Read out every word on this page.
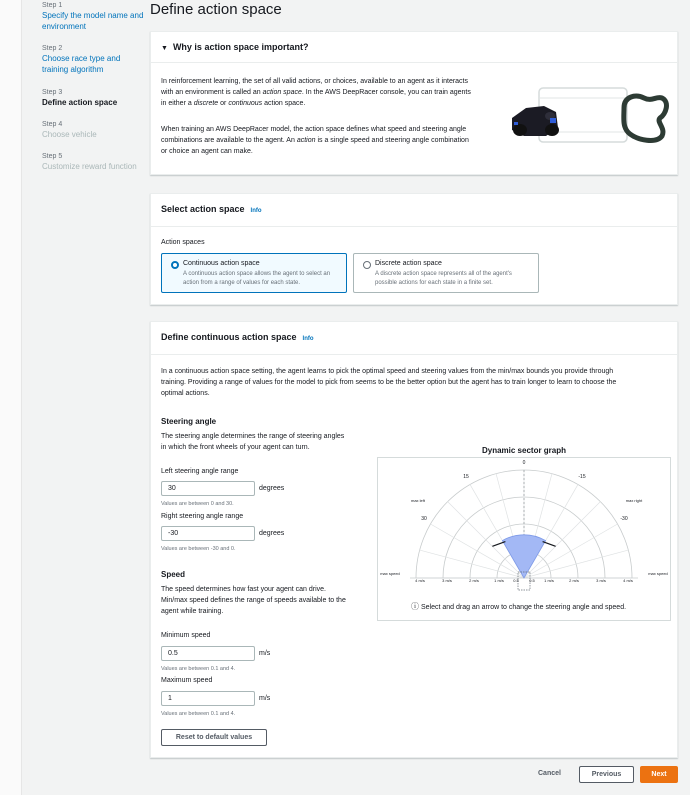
Step 1
Specify the model name and environment
Step 2
Choose race type and training algorithm
Step 3
Define action space
Step 4
Choose vehicle
Step 5
Customize reward function
Define action space
▼ Why is action space important?
In reinforcement learning, the set of all valid actions, or choices, available to an agent as it interacts
with an environment is called an action space. In the AWS DeepRacer console, you can train agents
in either a discrete or continuous action space.
When training an AWS DeepRacer model, the action space defines what speed and steering angle
combinations are available to the agent. An action is a single speed and steering angle combination
or choice an agent can make.
Select action space Info
Action spaces
Continuous action space
A continuous action space allows the agent to select an action from a range of values for each state.
Discrete action space
A discrete action space represents all of the agent's possible actions for each state in a finite set.
Define continuous action space Info
In a continuous action space setting, the agent learns to pick the optimal speed and steering values from the min/max bounds you provide through
training. Providing a range of values for the model to pick from seems to be the better option but the agent has to train longer to learn to choose the
optimal actions.
Steering angle
The steering angle determines the range of steering angles
in which the front wheels of your agent can turn.
Left steering angle range
30
degrees
Values are between 0 and 30.
Right steering angle range
-30
degrees
Values are between -30 and 0.
Speed
The speed determines how fast your agent can drive.
Min/max speed defines the range of speeds available to the
agent while training.
Minimum speed
0.5
m/s
Values are between 0.1 and 4.
Maximum speed
1
m/s
Values are between 0.1 and 4.
Reset to default values
Dynamic sector graph
0
15	-15
30	-30
max left	max right
max speed	max speed
4 m/s	3 m/s	2 m/s	1 m/s 0.5	0.5 1 m/s	2 m/s	3 m/s	4 m/s
ⓘ Select and drag an arrow to change the steering angle and speed.
Cancel	Previous	Next
